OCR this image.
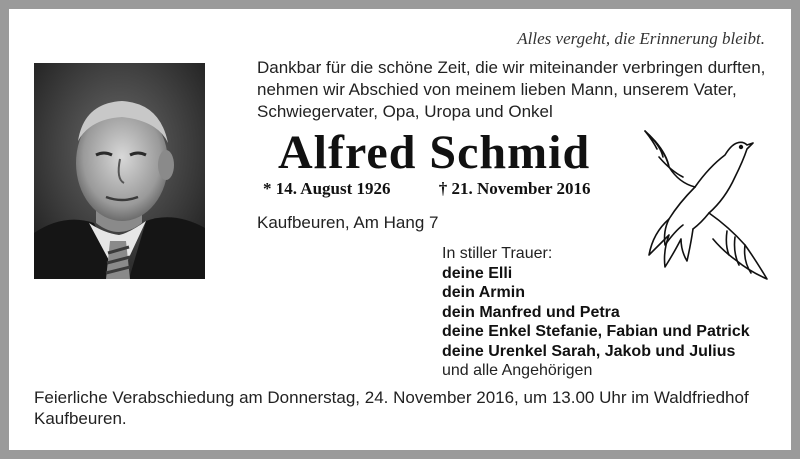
Alles vergeht, die Erinnerung bleibt.

Dankbar für die schöne Zeit, die wir miteinander verbringen durften,

nehmen wir Abschied von meinem lieben Mann, unserem Vater,

Schwiegervater, Opa, Uropa und Onkel

Alfred Schmid
* 14. August 1926	† 21. November 2016
Kaufbeuren, Am Hang 7
In stiller Trauer:
deine Elli
dein Armin
dein Manfred und Petra
deine Enkel Stefanie, Fabian und Patrick
deine Urenkel Sarah, Jakob und Julius
und alle Angehörigen

Feierliche Verabschiedung am Donnerstag, 24. November 2016, um 13.00 Uhr im Waldfriedhof

Kaufbeuren.
